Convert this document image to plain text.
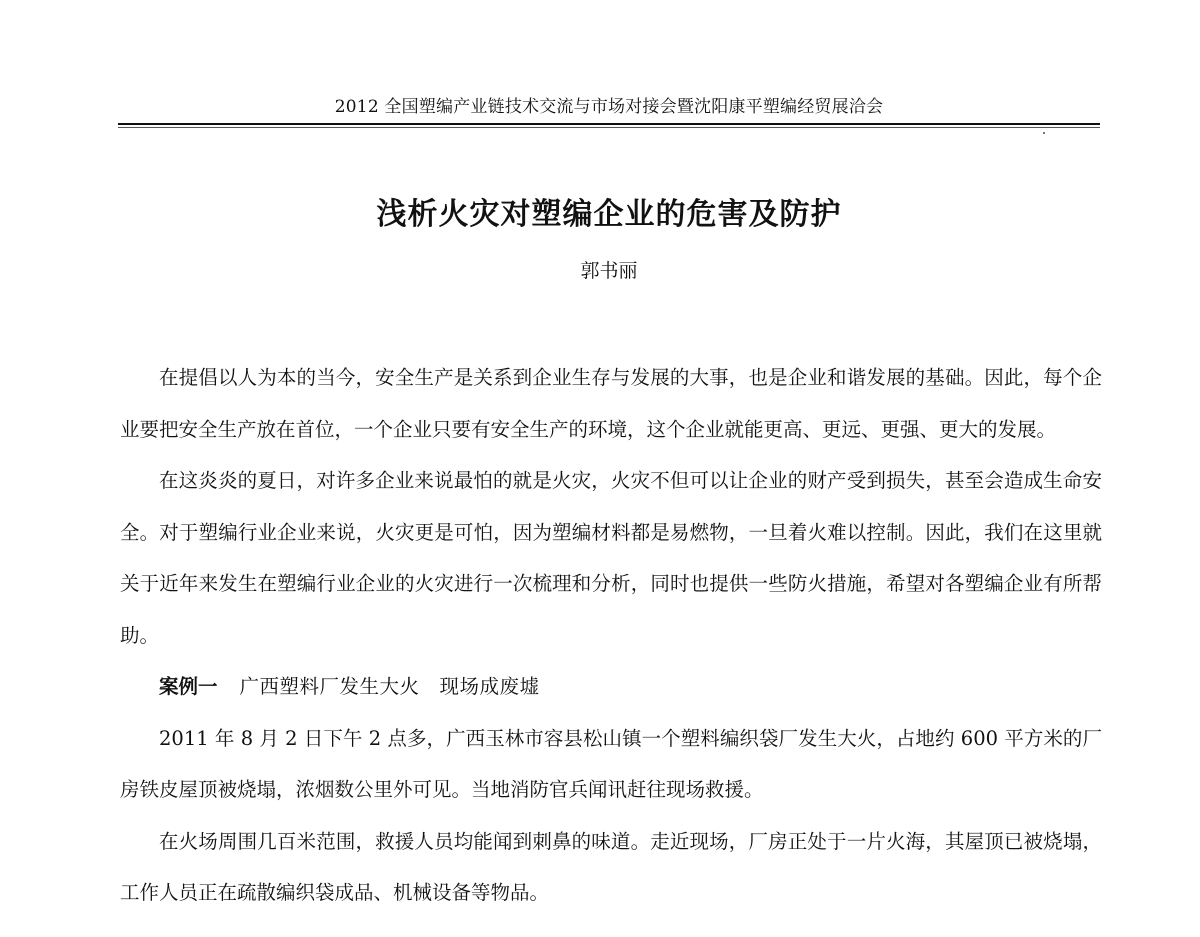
2012 全国塑编产业链技术交流与市场对接会暨沈阳康平塑编经贸展洽会
浅析火灾对塑编企业的危害及防护
郭书丽

在提倡以人为本的当今，安全生产是关系到企业生存与发展的大事，也是企业和谐发展的基础。因此，每个企业要把安全生产放在首位，一个企业只要有安全生产的环境，这个企业就能更高、更远、更强、更大的发展。

在这炎炎的夏日，对许多企业来说最怕的就是火灾，火灾不但可以让企业的财产受到损失，甚至会造成生命安全。对于塑编行业企业来说，火灾更是可怕，因为塑编材料都是易燃物，一旦着火难以控制。因此，我们在这里就关于近年来发生在塑编行业企业的火灾进行一次梳理和分析，同时也提供一些防火措施，希望对各塑编企业有所帮助。

案例一 广西塑料厂发生大火　现场成废墟

2011 年 8 月 2 日下午 2 点多，广西玉林市容县松山镇一个塑料编织袋厂发生大火，占地约 600 平方米的厂房铁皮屋顶被烧塌，浓烟数公里外可见。当地消防官兵闻讯赶往现场救援。

在火场周围几百米范围，救援人员均能闻到刺鼻的味道。走近现场，厂房正处于一片火海，其屋顶已被烧塌，工作人员正在疏散编织袋成品、机械设备等物品。
